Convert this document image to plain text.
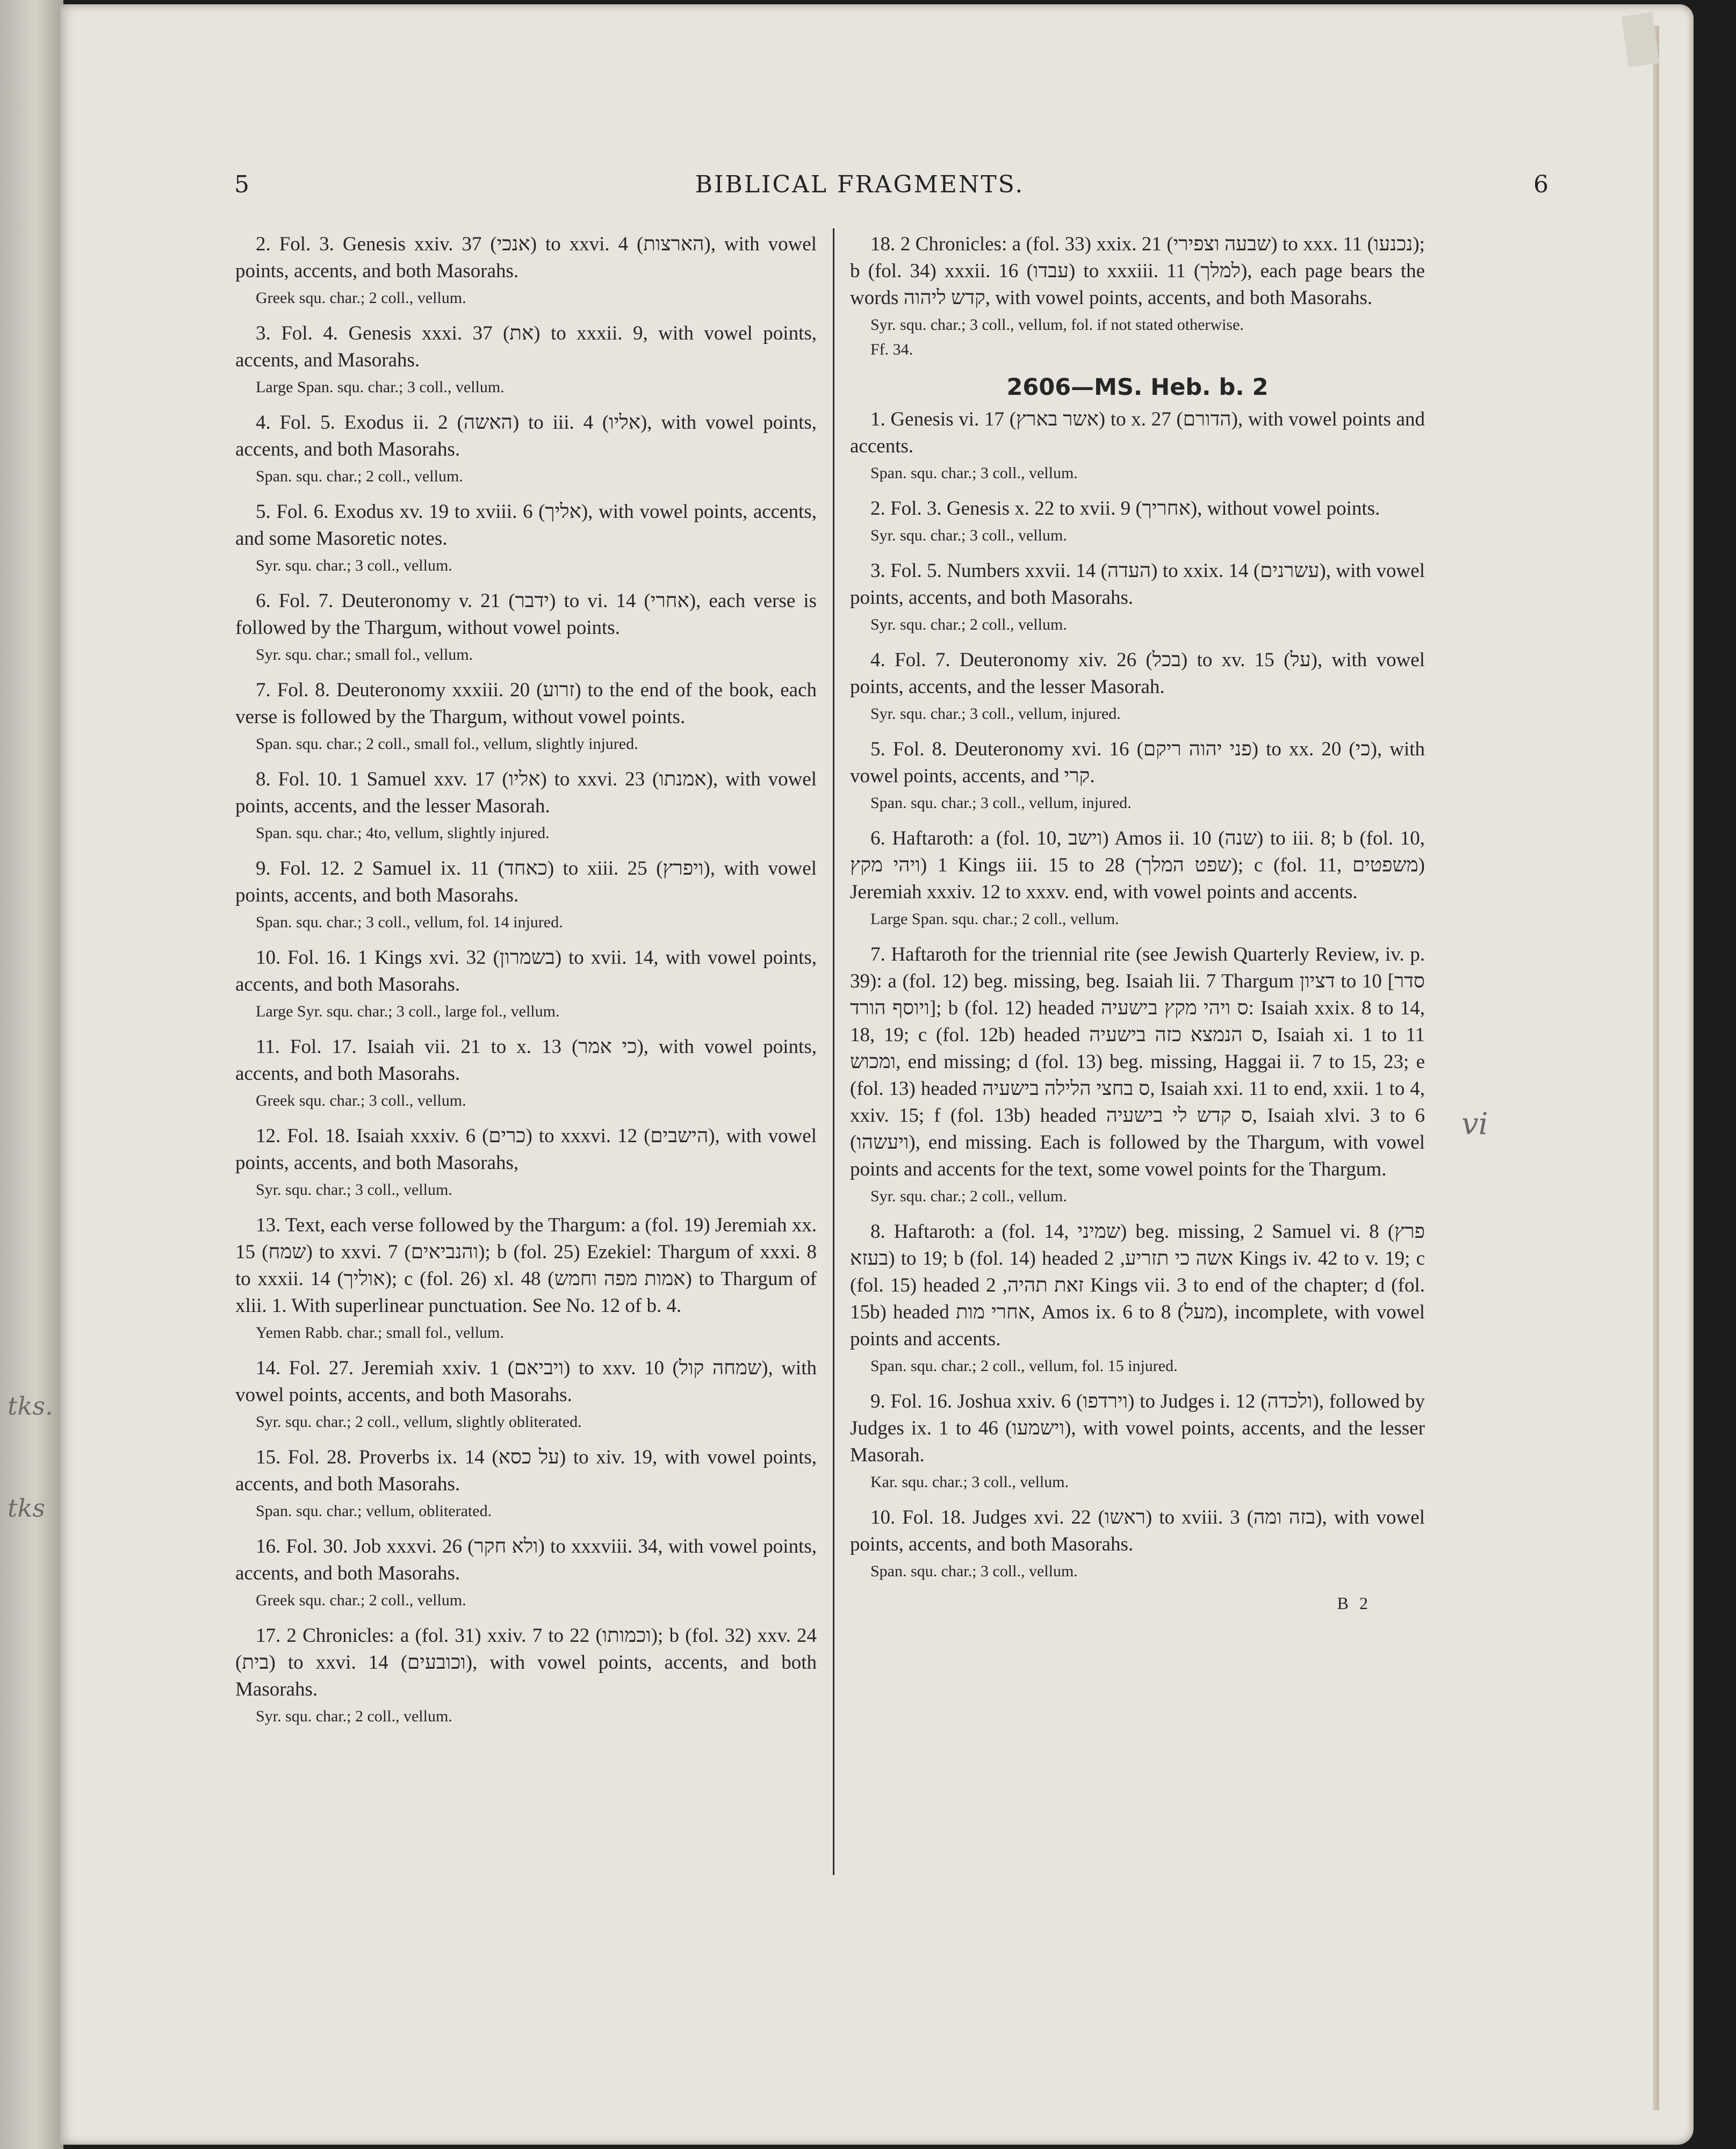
tks.
tks
5	BIBLICAL FRAGMENTS.	6
vi

2. Fol. 3. Genesis xxiv. 37 (אנכי) to xxvi. 4 (הארצות), with vowel points, accents, and both Masorahs.

Greek squ. char.; 2 coll., vellum.

3. Fol. 4. Genesis xxxi. 37 (את) to xxxii. 9, with vowel points, accents, and Masorahs.

Large Span. squ. char.; 3 coll., vellum.

4. Fol. 5. Exodus ii. 2 (האשה) to iii. 4 (אליו), with vowel points, accents, and both Masorahs.

Span. squ. char.; 2 coll., vellum.

5. Fol. 6. Exodus xv. 19 to xviii. 6 (אליך), with vowel points, accents, and some Masoretic notes.

Syr. squ. char.; 3 coll., vellum.

6. Fol. 7. Deuteronomy v. 21 (ידבר) to vi. 14 (אחרי), each verse is followed by the Thargum, without vowel points.

Syr. squ. char.; small fol., vellum.

7. Fol. 8. Deuteronomy xxxiii. 20 (זרוע) to the end of the book, each verse is followed by the Thargum, without vowel points.

Span. squ. char.; 2 coll., small fol., vellum, slightly injured.

8. Fol. 10. 1 Samuel xxv. 17 (אליו) to xxvi. 23 (אמנתו), with vowel points, accents, and the lesser Masorah.

Span. squ. char.; 4to, vellum, slightly injured.

9. Fol. 12. 2 Samuel ix. 11 (כאחד) to xiii. 25 (ויפרץ), with vowel points, accents, and both Masorahs.

Span. squ. char.; 3 coll., vellum, fol. 14 injured.

10. Fol. 16. 1 Kings xvi. 32 (בשמרון) to xvii. 14, with vowel points, accents, and both Masorahs.

Large Syr. squ. char.; 3 coll., large fol., vellum.

11. Fol. 17. Isaiah vii. 21 to x. 13 (כי אמר), with vowel points, accents, and both Masorahs.

Greek squ. char.; 3 coll., vellum.

12. Fol. 18. Isaiah xxxiv. 6 (כרים) to xxxvi. 12 (הישבים), with vowel points, accents, and both Masorahs,

Syr. squ. char.; 3 coll., vellum.

13. Text, each verse followed by the Thargum: a (fol. 19) Jeremiah xx. 15 (שמח) to xxvi. 7 (והנביאים); b (fol. 25) Ezekiel: Thargum of xxxi. 8 to xxxii. 14 (אוליך); c (fol. 26) xl. 48 (אמות מפה וחמש) to Thargum of xlii. 1. With superlinear punctuation. See No. 12 of b. 4.

Yemen Rabb. char.; small fol., vellum.

14. Fol. 27. Jeremiah xxiv. 1 (ויביאם) to xxv. 10 (שמחה קול), with vowel points, accents, and both Masorahs.

Syr. squ. char.; 2 coll., vellum, slightly obliterated.

15. Fol. 28. Proverbs ix. 14 (על כסא) to xiv. 19, with vowel points, accents, and both Masorahs.

Span. squ. char.; vellum, obliterated.

16. Fol. 30. Job xxxvi. 26 (ולא חקר) to xxxviii. 34, with vowel points, accents, and both Masorahs.

Greek squ. char.; 2 coll., vellum.

17. 2 Chronicles: a (fol. 31) xxiv. 7 to 22 (וכמותו); b (fol. 32) xxv. 24 (בית) to xxvi. 14 (וכובעים), with vowel points, accents, and both Masorahs.

Syr. squ. char.; 2 coll., vellum.

18. 2 Chronicles: a (fol. 33) xxix. 21 (שבעה וצפירי) to xxx. 11 (נכנעו); b (fol. 34) xxxii. 16 (עבדו) to xxxiii. 11 (למלך), each page bears the words קדש ליהוה, with vowel points, accents, and both Masorahs.

Syr. squ. char.; 3 coll., vellum, fol. if not stated otherwise.

Ff. 34.

2606—MS. Heb. b. 2

1. Genesis vi. 17 (אשר בארץ) to x. 27 (הדורם), with vowel points and accents.

Span. squ. char.; 3 coll., vellum.

2. Fol. 3. Genesis x. 22 to xvii. 9 (אחריך), without vowel points.

Syr. squ. char.; 3 coll., vellum.

3. Fol. 5. Numbers xxvii. 14 (העדה) to xxix. 14 (עשרנים), with vowel points, accents, and both Masorahs.

Syr. squ. char.; 2 coll., vellum.

4. Fol. 7. Deuteronomy xiv. 26 (בכל) to xv. 15 (על), with vowel points, accents, and the lesser Masorah.

Syr. squ. char.; 3 coll., vellum, injured.

5. Fol. 8. Deuteronomy xvi. 16 (פני יהוה ריקם) to xx. 20 (כי), with vowel points, accents, and קרי.

Span. squ. char.; 3 coll., vellum, injured.

6. Haftaroth: a (fol. 10, וישב) Amos ii. 10 (שנה) to iii. 8; b (fol. 10, ויהי מקץ) 1 Kings iii. 15 to 28 (שפט המלך); c (fol. 11, משפטים) Jeremiah xxxiv. 12 to xxxv. end, with vowel points and accents.

Large Span. squ. char.; 2 coll., vellum.

7. Haftaroth for the triennial rite (see Jewish Quarterly Review, iv. p. 39): a (fol. 12) beg. missing, beg. Isaiah lii. 7 Thargum דציון to 10 [סדר ויוסף הורד]; b (fol. 12) headed ס ויהי מקץ בישעיה: Isaiah xxix. 8 to 14, 18, 19; c (fol. 12b) headed ס הנמצא כזה בישעיה, Isaiah xi. 1 to 11 ומכוש, end missing; d (fol. 13) beg. missing, Haggai ii. 7 to 15, 23; e (fol. 13) headed ס בחצי הלילה בישעיה, Isaiah xxi. 11 to end, xxii. 1 to 4, xxiv. 15; f (fol. 13b) headed ס קדש לי בישעיה, Isaiah xlvi. 3 to 6 (ויעשהו), end missing. Each is followed by the Thargum, with vowel points and accents for the text, some vowel points for the Thargum.

Syr. squ. char.; 2 coll., vellum.

8. Haftaroth: a (fol. 14, שמיני) beg. missing, 2 Samuel vi. 8 (פרץ בעזא) to 19; b (fol. 14) headed אשה כי תזריע, 2 Kings iv. 42 to v. 19; c (fol. 15) headed זאת תהיה, 2 Kings vii. 3 to end of the chapter; d (fol. 15b) headed אחרי מות, Amos ix. 6 to 8 (מעל), incomplete, with vowel points and accents.

Span. squ. char.; 2 coll., vellum, fol. 15 injured.

9. Fol. 16. Joshua xxiv. 6 (וירדפו) to Judges i. 12 (ולכדה), followed by Judges ix. 1 to 46 (וישמעו), with vowel points, accents, and the lesser Masorah.

Kar. squ. char.; 3 coll., vellum.

10. Fol. 18. Judges xvi. 22 (ראשו) to xviii. 3 (בזה ומה), with vowel points, accents, and both Masorahs.

Span. squ. char.; 3 coll., vellum.

B 2
